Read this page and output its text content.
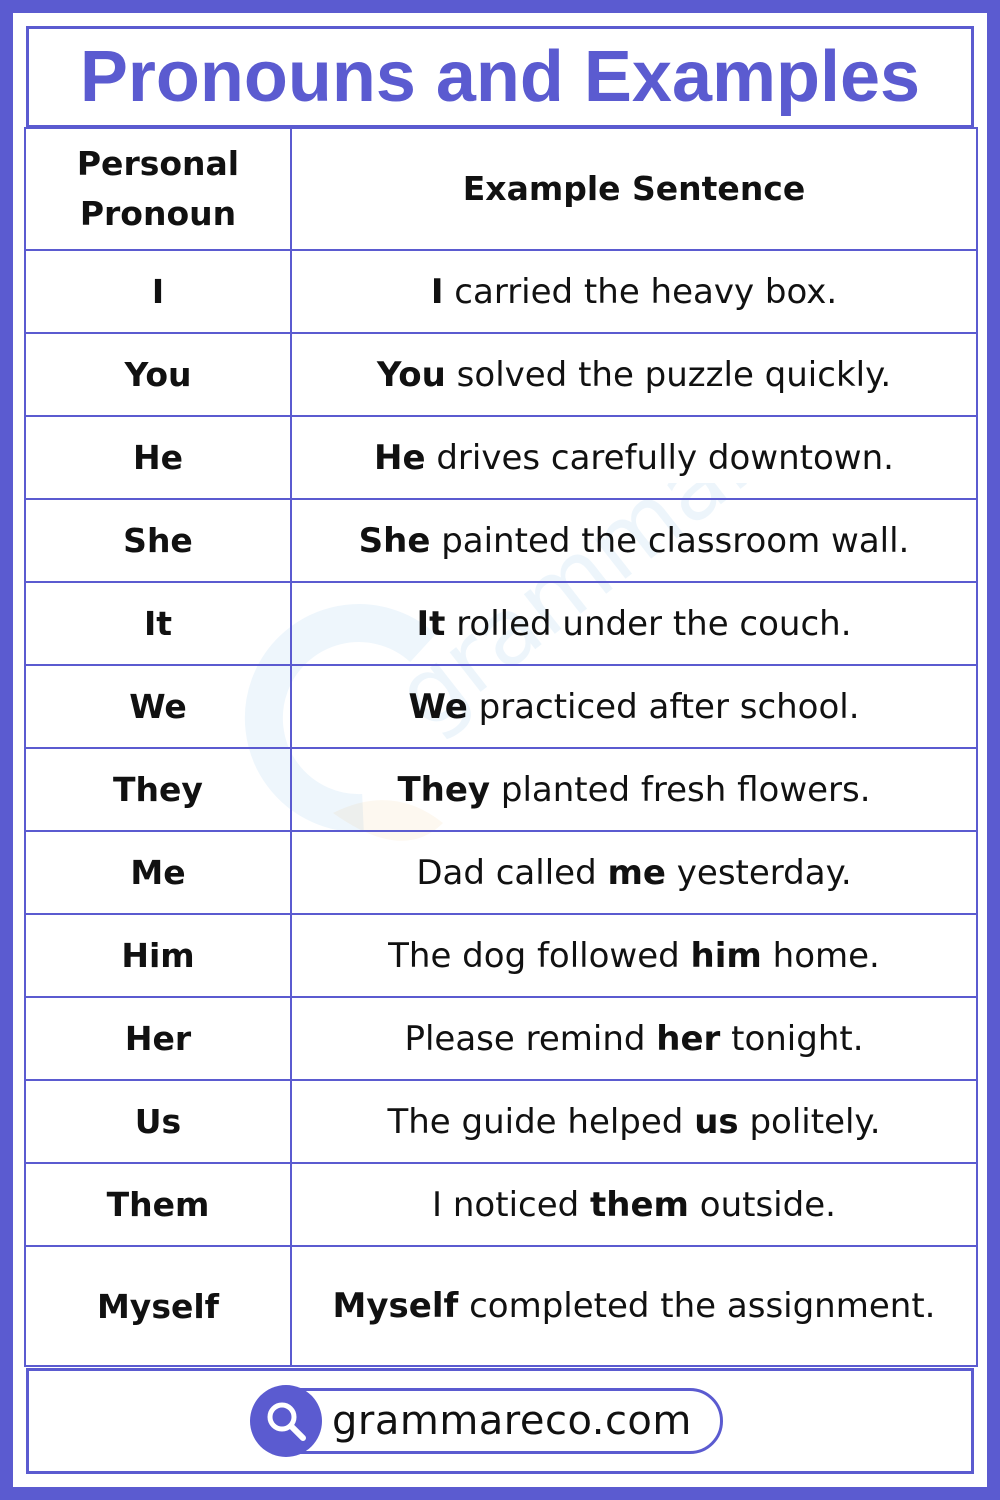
Pronouns and Examples
grammareco
Personal
Pronoun	Example Sentence
I	I carried the heavy box.
You	You solved the puzzle quickly.
He	He drives carefully downtown.
She	She painted the classroom wall.
It	It rolled under the couch.
We	We practiced after school.
They	They planted fresh flowers.
Me	Dad called me yesterday.
Him	The dog followed him home.
Her	Please remind her tonight.
Us	The guide helped us politely.
Them	I noticed them outside.
Myself	Myself completed the assignment.
grammareco.com
